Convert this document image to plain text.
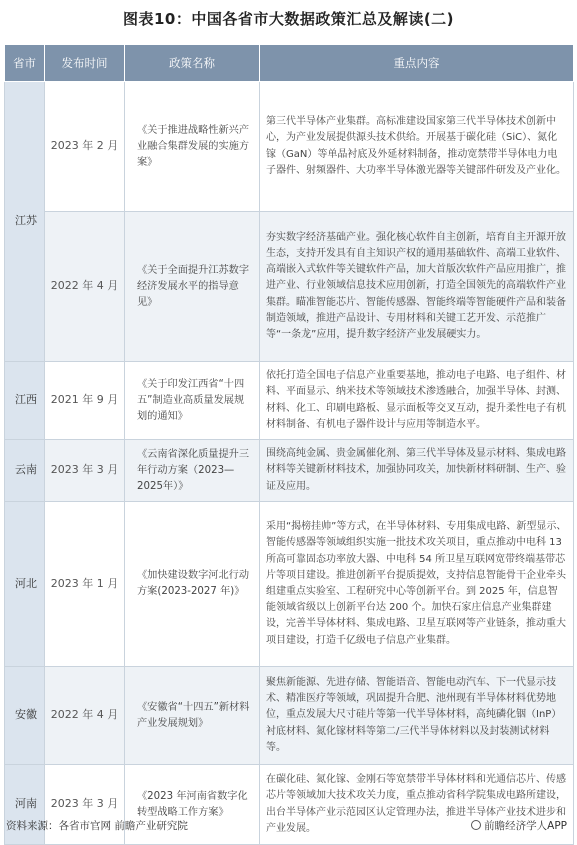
图表10：中国各省市大数据政策汇总及解读(二)
省市	发布时间	政策名称	重点内容
江苏	2023 年 2 月	《关于推进战略性新兴产业融合集群发展的实施方案》	第三代半导体产业集群。高标准建设国家第三代半导体技术创新中心，为产业发展提供源头技术供给。开展基于碳化硅（SiC）、氮化镓（GaN）等单晶衬底及外延材料制备，推动宽禁带半导体电力电子器件、射频器件、大功率半导体激光器等关键部件研发及产业化。
	2022 年 4 月	《关于全面提升江苏数字经济发展水平的指导意见》	夯实数字经济基础产业。强化核心软件自主创新，培育自主开源开放生态，支持开发具有自主知识产权的通用基础软件、高端工业软件、高端嵌入式软件等关键软件产品，加大首版次软件产品应用推广，推进产业、行业领域信息技术应用创新，打造全国领先的高端软件产业集群。瞄准智能芯片、智能传感器、智能终端等智能硬件产品和装备制造领域，推进产品设计、专用材料和关键工艺开发、示范推广等“一条龙”应用，提升数字经济产业发展硬实力。
江西	2021 年 9 月	《关于印发江西省“十四五”制造业高质量发展规划的通知》	依托打造全国电子信息产业重要基地，推动电子电路、电子组件、材料、平面显示、纳米技术等领域技术渗透融合，加强半导体、封测、材料、化工、印刷电路板、显示面板等交叉互动，提升柔性电子有机材料制备、有机电子器件设计与应用等制造水平。
云南	2023 年 3 月	《云南省深化质量提升三年行动方案（2023—2025年）》	围绕高纯金属、贵金属催化剂、第三代半导体及显示材料、集成电路材料等关键新材料技术，加强协同攻关，加快新材料研制、生产、验证及应用。
河北	2023 年 1 月	《加快建设数字河北行动方案(2023-2027 年)》	采用“揭榜挂帅”等方式，在半导体材料、专用集成电路、新型显示、智能传感器等领域组织实施一批技术攻关项目，重点推动中电科 13 所高可靠固态功率放大器、中电科 54 所卫星互联网宽带终端基带芯片等项目建设。推进创新平台提质提效，支持信息智能骨干企业牵头组建重点实验室、工程研究中心等创新平台。到 2025 年，信息智能领域省级以上创新平台达 200 个。加快石家庄信息产业集群建设，完善半导体材料、集成电路、卫星互联网等产业链条，推动重大项目建设，打造千亿级电子信息产业集群。
安徽	2022 年 4 月	《安徽省“十四五”新材料产业发展规划》	聚焦新能源、先进存储、智能语音、智能电动汽车、下一代显示技术、精准医疗等领域，巩固提升合肥、池州现有半导体材料优势地位，重点发展大尺寸硅片等第一代半导体材料，高纯磷化铟（InP）衬底材料、氮化镓材料等第二/三代半导体材料以及封装测试材料等。
河南	2023 年 3 月	《2023 年河南省数字化转型战略工作方案》	在碳化硅、氮化镓、金刚石等宽禁带半导体材料和光通信芯片、传感芯片等领域加大技术攻关力度，重点推动省科学院集成电路所建设，出台半导体产业示范园区认定管理办法，推进半导体产业技术进步和产业发展。
资料来源：各省市官网 前瞻产业研究院	前瞻经济学人APP
